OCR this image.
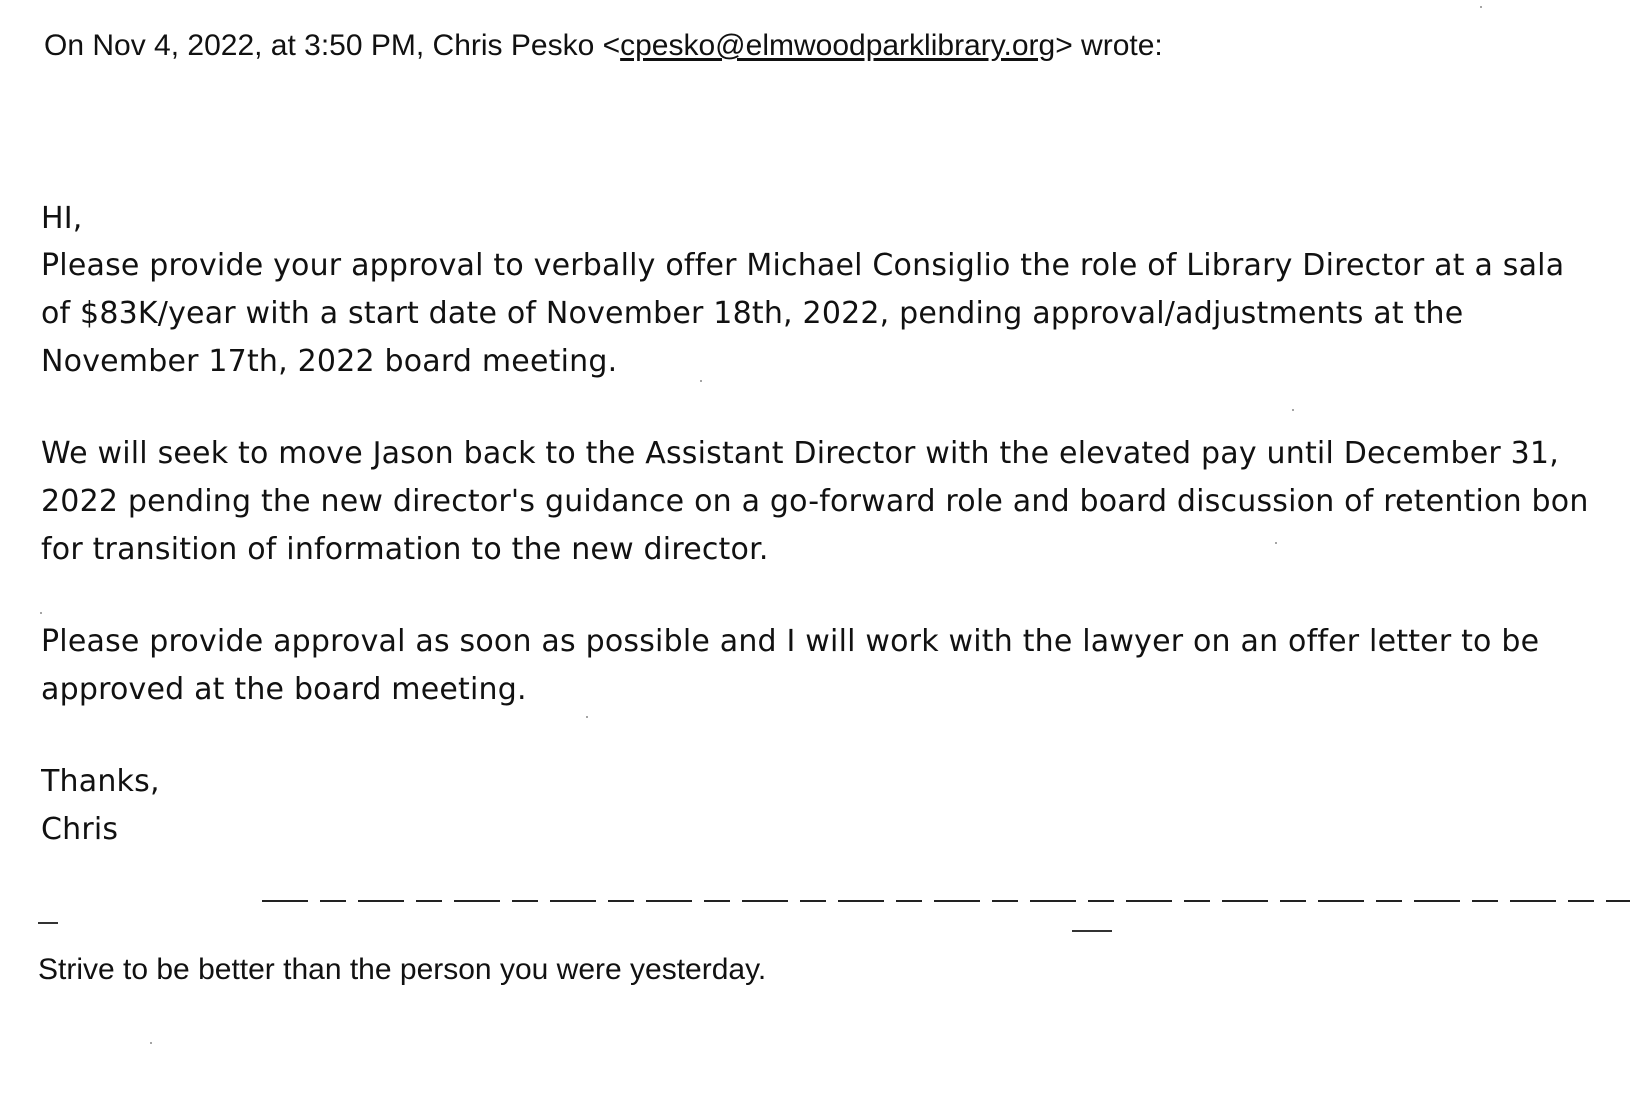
On Nov 4, 2022, at 3:50 PM, Chris Pesko <cpesko@elmwoodparklibrary.org> wrote:
HI,
Please provide your approval to verbally offer Michael Consiglio the role of Library Director at a sala
of $83K/year with a start date of November 18th, 2022, pending approval/adjustments at the
November 17th, 2022 board meeting.
We will seek to move Jason back to the Assistant Director with the elevated pay until December 31,
2022 pending the new director's guidance on a go-forward role and board discussion of retention bon
for transition of information to the new director.
Please provide approval as soon as possible and I will work with the lawyer on an offer letter to be
approved at the board meeting.
Thanks,
Chris
Strive to be better than the person you were yesterday.
